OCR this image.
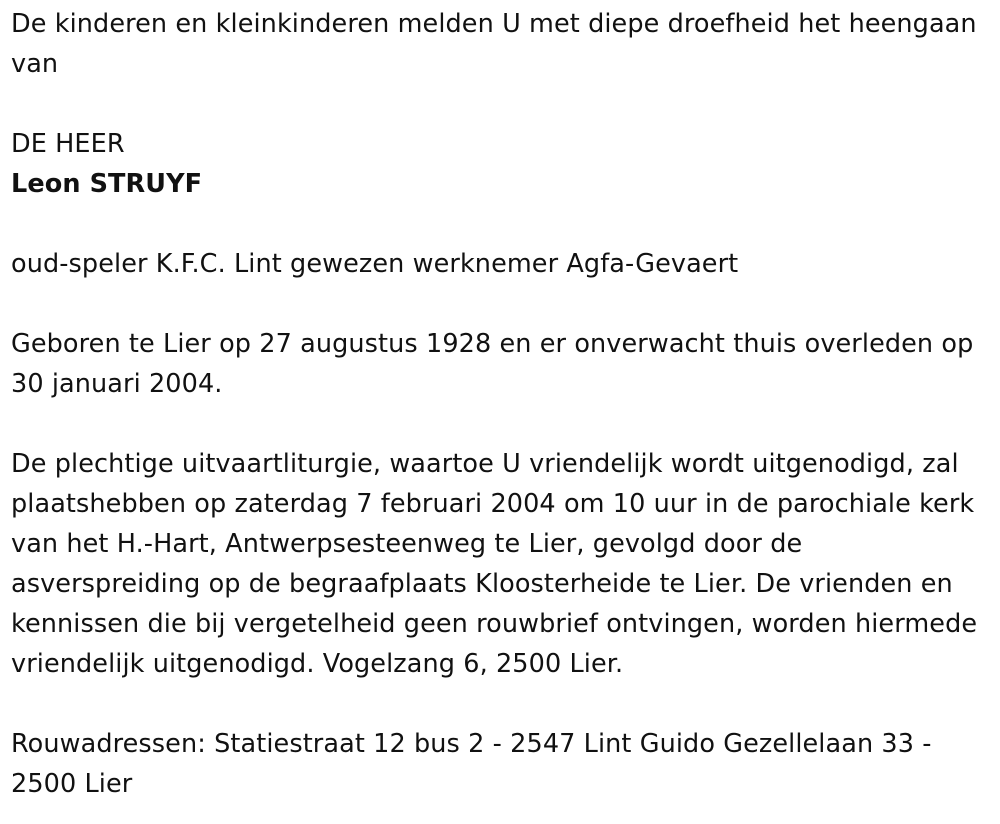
De kinderen en kleinkinderen melden U met diepe droefheid het heengaan van

DE HEER

Leon STRUYF

oud-speler K.F.C. Lint gewezen werknemer Agfa-Gevaert

Geboren te Lier op 27 augustus 1928 en er onverwacht thuis overleden op 30 januari 2004.

De plechtige uitvaartliturgie, waartoe U vriendelijk wordt uitgenodigd, zal plaatshebben op zaterdag 7 februari 2004 om 10 uur in de parochiale kerk van het H.-Hart, Antwerpsesteenweg te Lier, gevolgd door de asverspreiding op de begraafplaats Kloosterheide te Lier. De vrienden en kennissen die bij vergetelheid geen rouwbrief ontvingen, worden hiermede vriendelijk uitgenodigd. Vogelzang 6, 2500 Lier.

Rouwadressen: Statiestraat 12 bus 2 - 2547 Lint Guido Gezellelaan 33 - 2500 Lier
